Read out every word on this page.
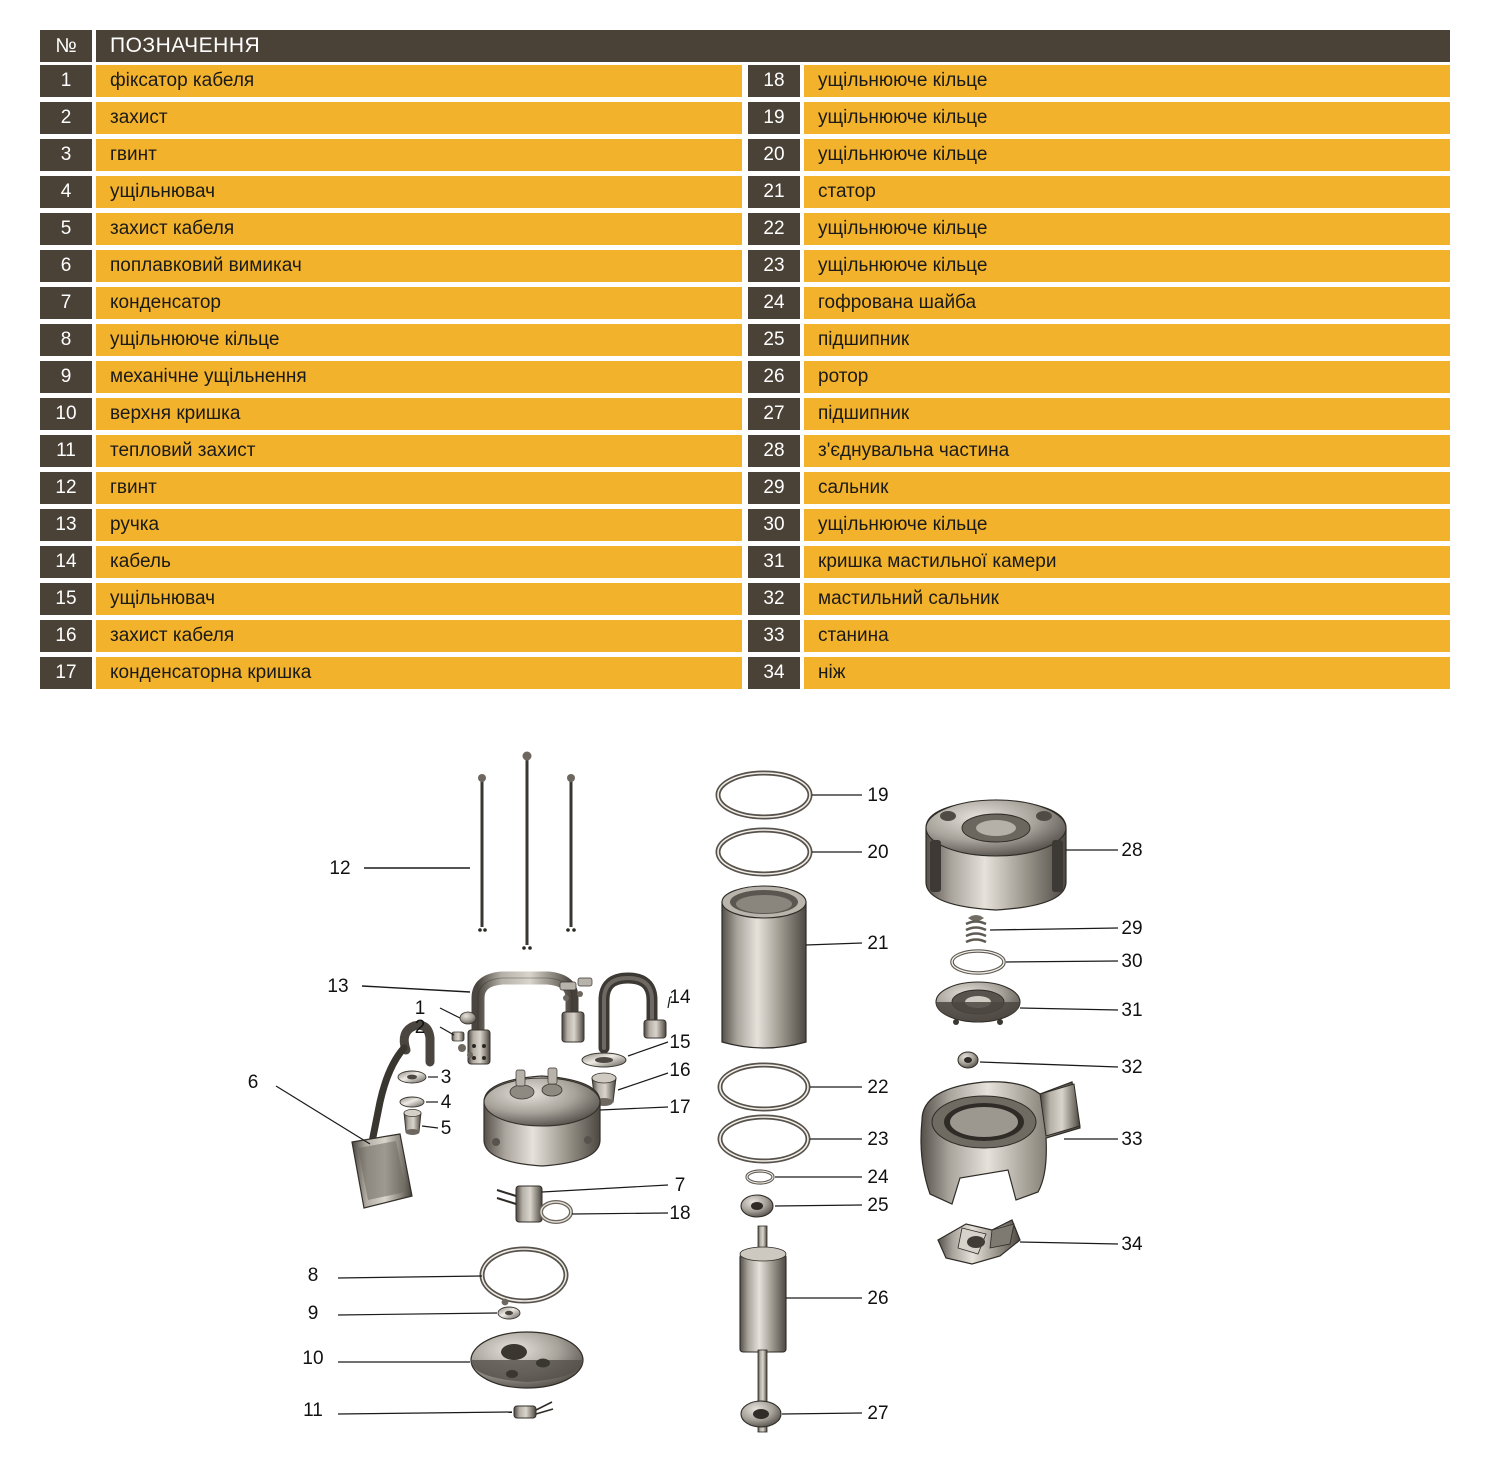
№	ПОЗНАЧЕННЯ
1	фіксатор кабеля
2	захист
3	гвинт
4	ущільнювач
5	захист кабеля
6	поплавковий вимикач
7	конденсатор
8	ущільнююче кільце
9	механічне ущільнення
10	верхня кришка
11	тепловий захист
12	гвинт
13	ручка
14	кабель
15	ущільнювач
16	захист кабеля
17	конденсаторна кришка
18	ущільнююче кільце
19	ущільнююче кільце
20	ущільнююче кільце
21	статор
22	ущільнююче кільце
23	ущільнююче кільце
24	гофрована шайба
25	підшипник
26	ротор
27	підшипник
28	з'єднувальна частина
29	сальник
30	ущільнююче кільце
31	кришка мастильної камери
32	мастильний сальник
33	станина
34	ніж
12
13
1
2
14
15
16
3
4
5
6
17
7
18
8
9
10
11
19
20
21
22
23
24
25
26
27
28
29
30
31
32
33
34
